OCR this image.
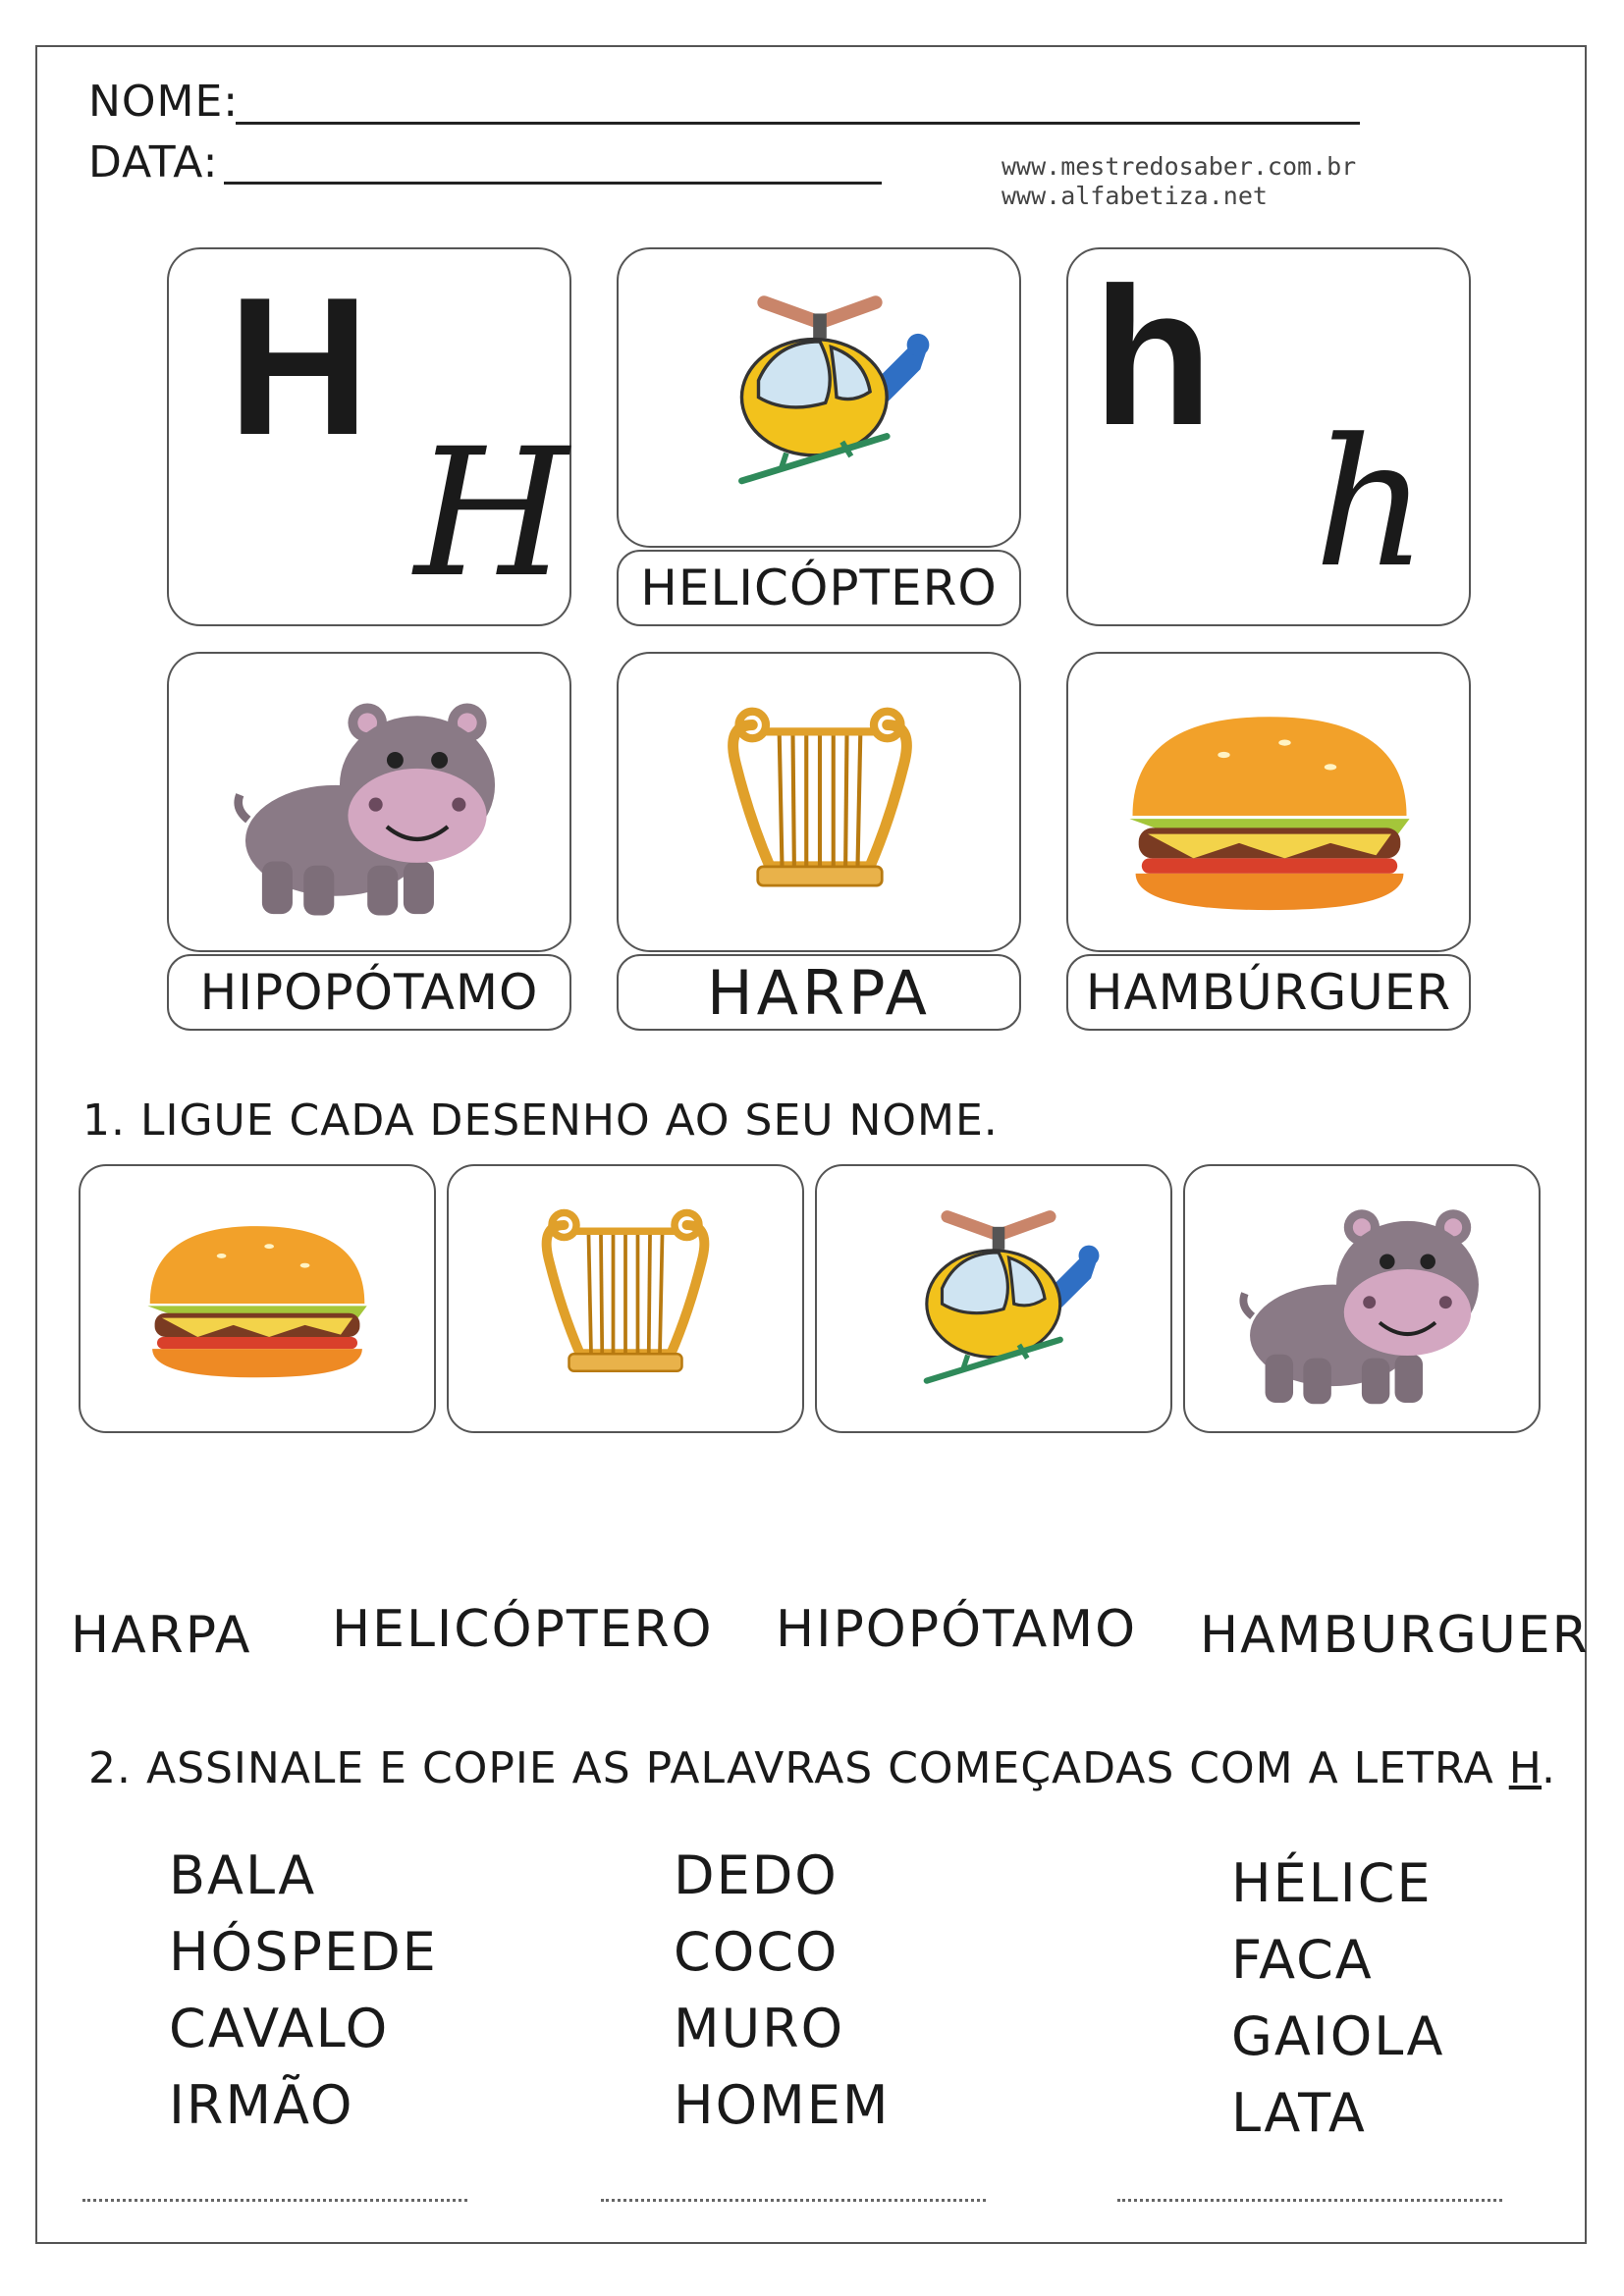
NOME:
DATA:	www.mestredosaber.com.br
www.alfabetiza.net
H
H	HELICÓPTERO
h
h
HIPOPÓTAMO	HARPA	HAMBÚRGUER
1. LIGUE CADA DESENHO AO SEU NOME.
HARPA HELICÓPTERO HIPOPÓTAMO HAMBURGUER
2. ASSINALE E COPIE AS PALAVRAS COMEÇADAS COM A LETRA H.
BALA
HÓSPEDE
CAVALO
IRMÃO
DEDO
COCO
MURO
HOMEM
HÉLICE
FACA
GAIOLA
LATA
